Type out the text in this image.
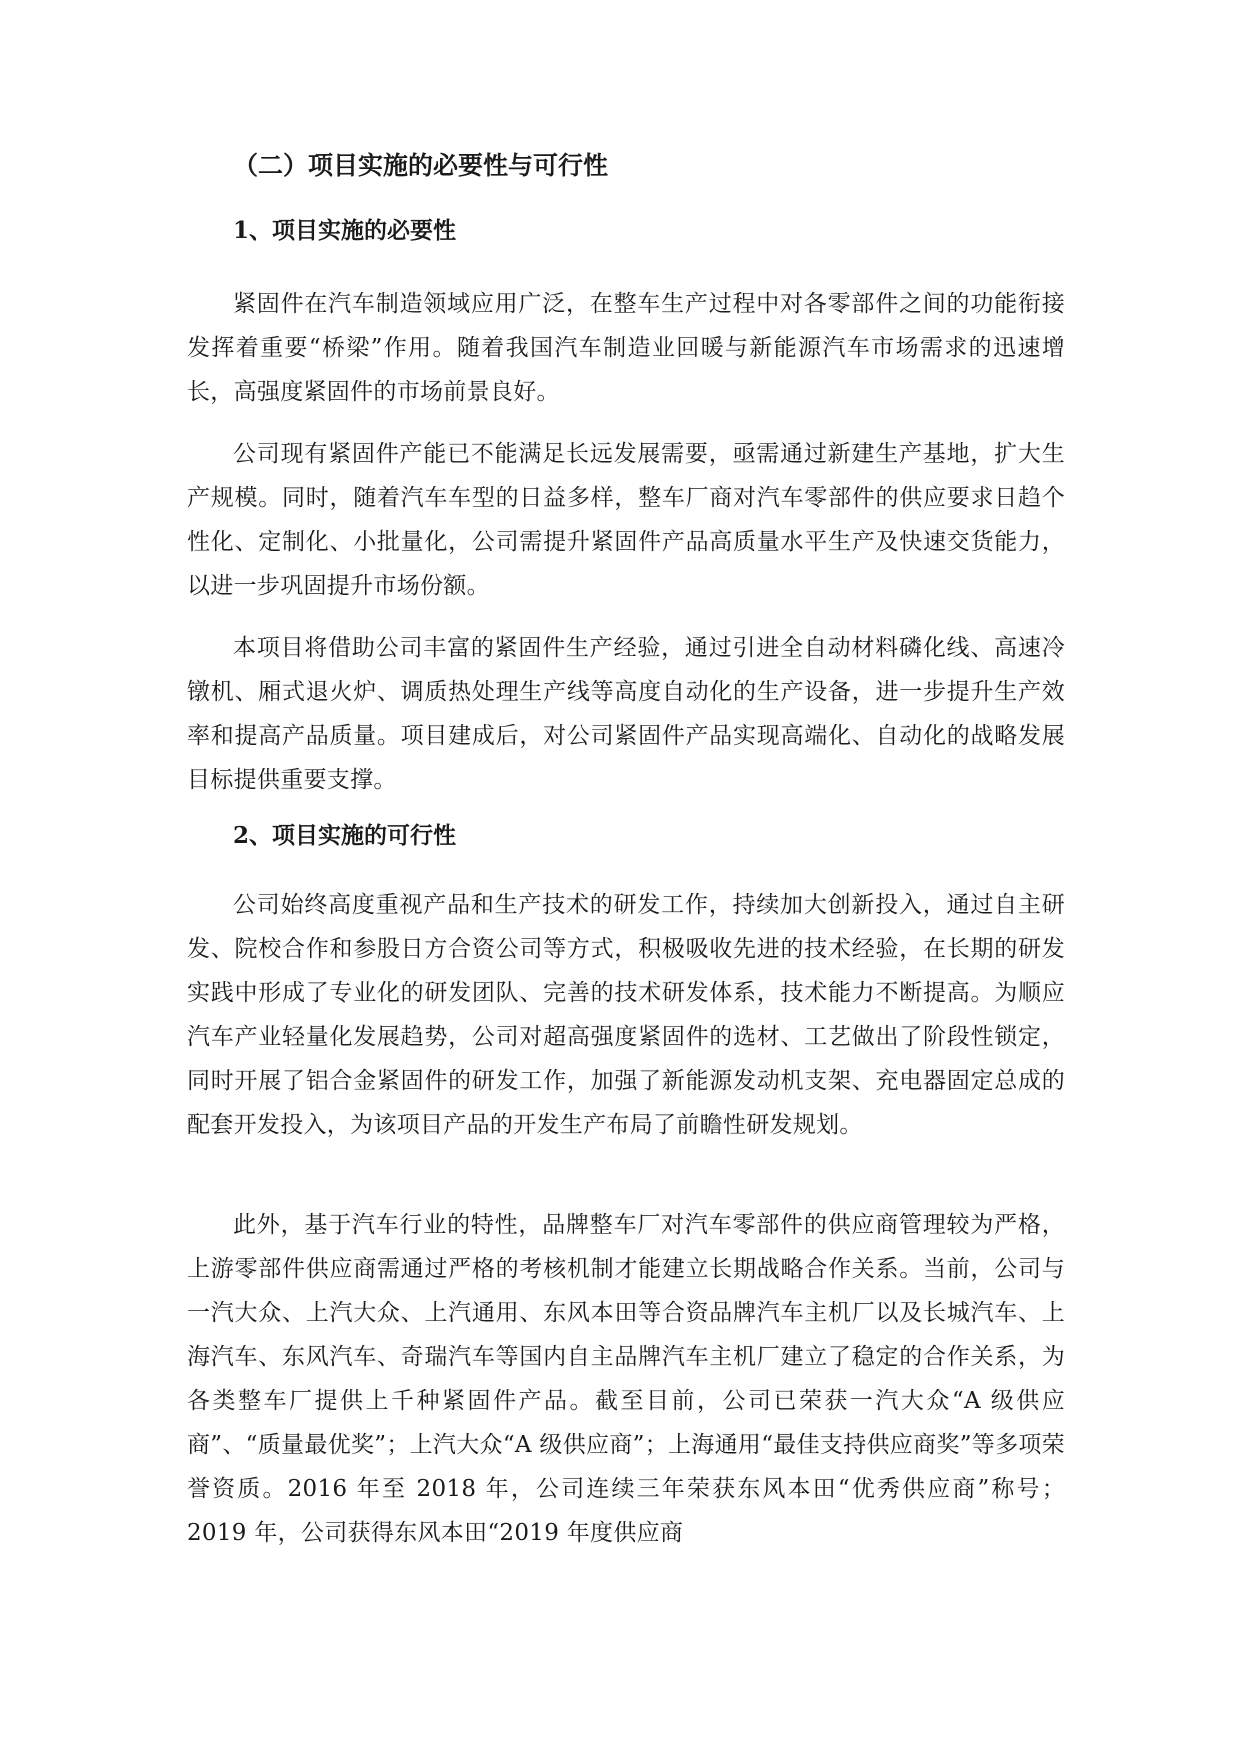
（二）项目实施的必要性与可行性
1、项目实施的必要性

紧固件在汽车制造领域应用广泛，在整车生产过程中对各零部件之间的功能衔接发挥着重要“桥梁”作用。随着我国汽车制造业回暖与新能源汽车市场需求的迅速增长，高强度紧固件的市场前景良好。

公司现有紧固件产能已不能满足长远发展需要，亟需通过新建生产基地，扩大生产规模。同时，随着汽车车型的日益多样，整车厂商对汽车零部件的供应要求日趋个性化、定制化、小批量化，公司需提升紧固件产品高质量水平生产及快速交货能力，以进一步巩固提升市场份额。

本项目将借助公司丰富的紧固件生产经验，通过引进全自动材料磷化线、高速冷镦机、厢式退火炉、调质热处理生产线等高度自动化的生产设备，进一步提升生产效率和提高产品质量。项目建成后，对公司紧固件产品实现高端化、自动化的战略发展目标提供重要支撑。

2、项目实施的可行性

公司始终高度重视产品和生产技术的研发工作，持续加大创新投入，通过自主研发、院校合作和参股日方合资公司等方式，积极吸收先进的技术经验，在长期的研发实践中形成了专业化的研发团队、完善的技术研发体系，技术能力不断提高。为顺应汽车产业轻量化发展趋势，公司对超高强度紧固件的选材、工艺做出了阶段性锁定，同时开展了铝合金紧固件的研发工作，加强了新能源发动机支架、充电器固定总成的配套开发投入，为该项目产品的开发生产布局了前瞻性研发规划。

此外，基于汽车行业的特性，品牌整车厂对汽车零部件的供应商管理较为严格，上游零部件供应商需通过严格的考核机制才能建立长期战略合作关系。当前，公司与一汽大众、上汽大众、上汽通用、东风本田等合资品牌汽车主机厂以及长城汽车、上海汽车、东风汽车、奇瑞汽车等国内自主品牌汽车主机厂建立了稳定的合作关系，为各类整车厂提供上千种紧固件产品。截至目前，公司已荣获一汽大众“A 级供应商”、“质量最优奖”；上汽大众“A 级供应商”；上海通用“最佳支持供应商奖”等多项荣誉资质。2016 年至 2018 年，公司连续三年荣获东风本田“优秀供应商”称号；2019 年，公司获得东风本田“2019 年度供应商
